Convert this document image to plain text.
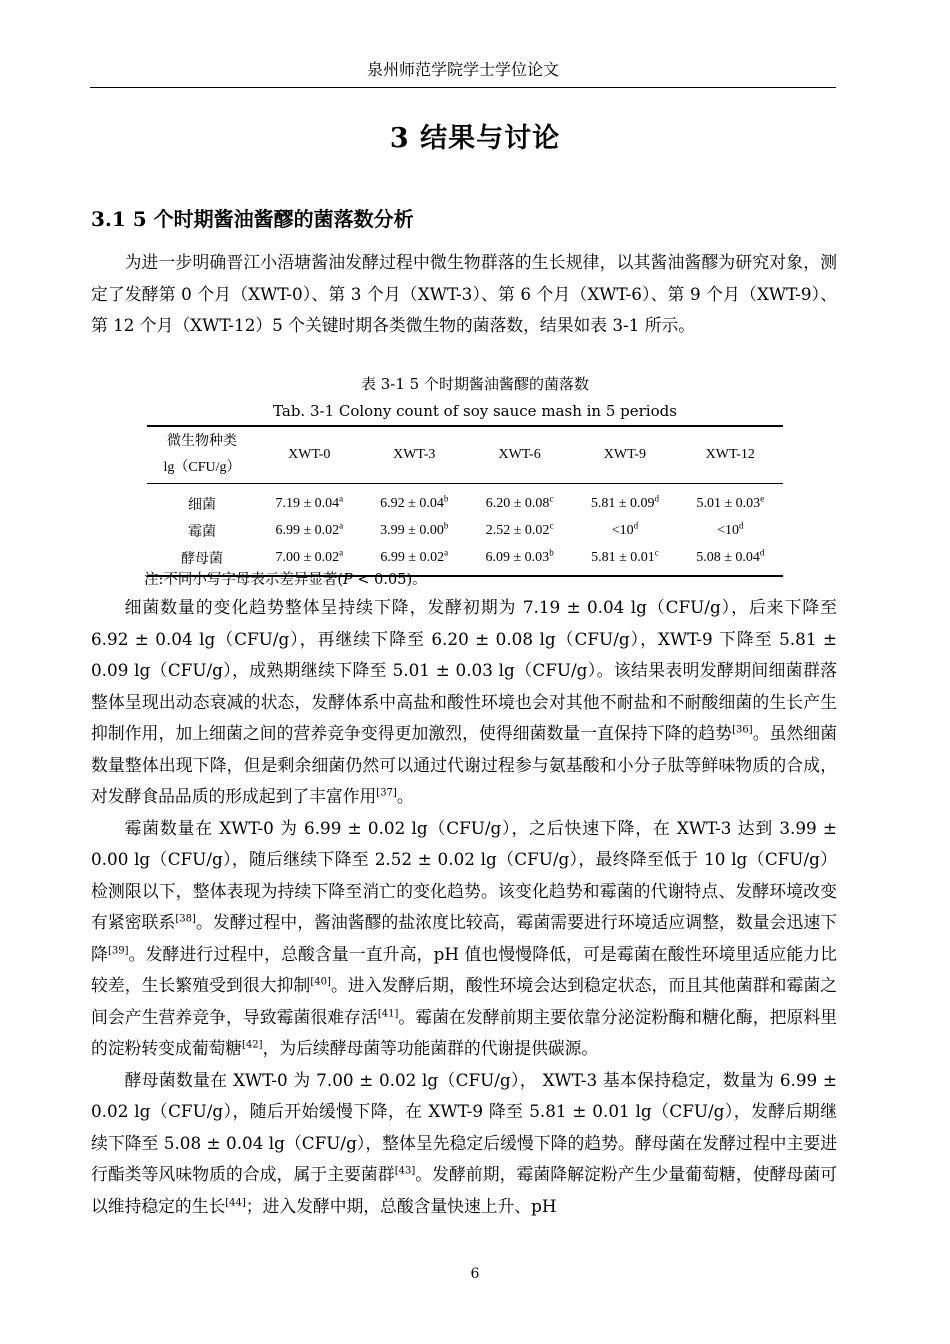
泉州师范学院学士学位论文
3 结果与讨论
3.1 5 个时期酱油酱醪的菌落数分析

为进一步明确晋江小浯塘酱油发酵过程中微生物群落的生长规律，以其酱油酱醪为研究对象，测定了发酵第 0 个月（XWT-0）、第 3 个月（XWT-3）、第 6 个月（XWT-6）、第 9 个月（XWT-9）、第 12 个月（XWT-12）5 个关键时期各类微生物的菌落数，结果如表 3-1 所示。

表 3-1 5 个时期酱油酱醪的菌落数
Tab. 3-1 Colony count of soy sauce mash in 5 periods
微生物种类
lg（CFU/g）	XWT-0	XWT-3	XWT-6	XWT-9	XWT-12
细菌	7.19 ± 0.04$^a$	6.92 ± 0.04$^b$	6.20 ± 0.08$^c$	5.81 ± 0.09$^d$	5.01 ± 0.03$^e$
霉菌	6.99 ± 0.02$^a$	3.99 ± 0.00$^b$	2.52 ± 0.02$^c$	$<10^d$	$<10^d$
酵母菌	7.00 ± 0.02$^a$	6.99 ± 0.02$^a$	6.09 ± 0.03$^b$	5.81 ± 0.01$^c$	5.08 ± 0.04$^d$
注:不同小写字母表示差异显著(P < 0.05)。

细菌数量的变化趋势整体呈持续下降，发酵初期为 7.19 ± 0.04 lg（CFU/g），后来下降至 6.92 ± 0.04 lg（CFU/g），再继续下降至 6.20 ± 0.08 lg（CFU/g），XWT-9 下降至 5.81 ± 0.09 lg（CFU/g），成熟期继续下降至 5.01 ± 0.03 lg（CFU/g）。该结果表明发酵期间细菌群落整体呈现出动态衰减的状态，发酵体系中高盐和酸性环境也会对其他不耐盐和不耐酸细菌的生长产生抑制作用，加上细菌之间的营养竞争变得更加激烈，使得细菌数量一直保持下降的趋势[36]。虽然细菌数量整体出现下降，但是剩余细菌仍然可以通过代谢过程参与氨基酸和小分子肽等鲜味物质的合成，对发酵食品品质的形成起到了丰富作用[37]。

霉菌数量在 XWT-0 为 6.99 ± 0.02 lg（CFU/g），之后快速下降，在 XWT-3 达到 3.99 ± 0.00 lg（CFU/g），随后继续下降至 2.52 ± 0.02 lg（CFU/g），最终降至低于 10 lg（CFU/g）检测限以下，整体表现为持续下降至消亡的变化趋势。该变化趋势和霉菌的代谢特点、发酵环境改变有紧密联系[38]。发酵过程中，酱油酱醪的盐浓度比较高，霉菌需要进行环境适应调整，数量会迅速下降[39]。发酵进行过程中，总酸含量一直升高，pH 值也慢慢降低，可是霉菌在酸性环境里适应能力比较差，生长繁殖受到很大抑制[40]。进入发酵后期，酸性环境会达到稳定状态，而且其他菌群和霉菌之间会产生营养竞争，导致霉菌很难存活[41]。霉菌在发酵前期主要依靠分泌淀粉酶和糖化酶，把原料里的淀粉转变成葡萄糖[42]，为后续酵母菌等功能菌群的代谢提供碳源。

酵母菌数量在 XWT-0 为 7.00 ± 0.02 lg（CFU/g）， XWT-3 基本保持稳定，数量为 6.99 ± 0.02 lg（CFU/g），随后开始缓慢下降，在 XWT-9 降至 5.81 ± 0.01 lg（CFU/g），发酵后期继续下降至 5.08 ± 0.04 lg（CFU/g），整体呈先稳定后缓慢下降的趋势。酵母菌在发酵过程中主要进行酯类等风味物质的合成，属于主要菌群[43]。发酵前期，霉菌降解淀粉产生少量葡萄糖，使酵母菌可以维持稳定的生长[44]；进入发酵中期，总酸含量快速上升、pH

6
